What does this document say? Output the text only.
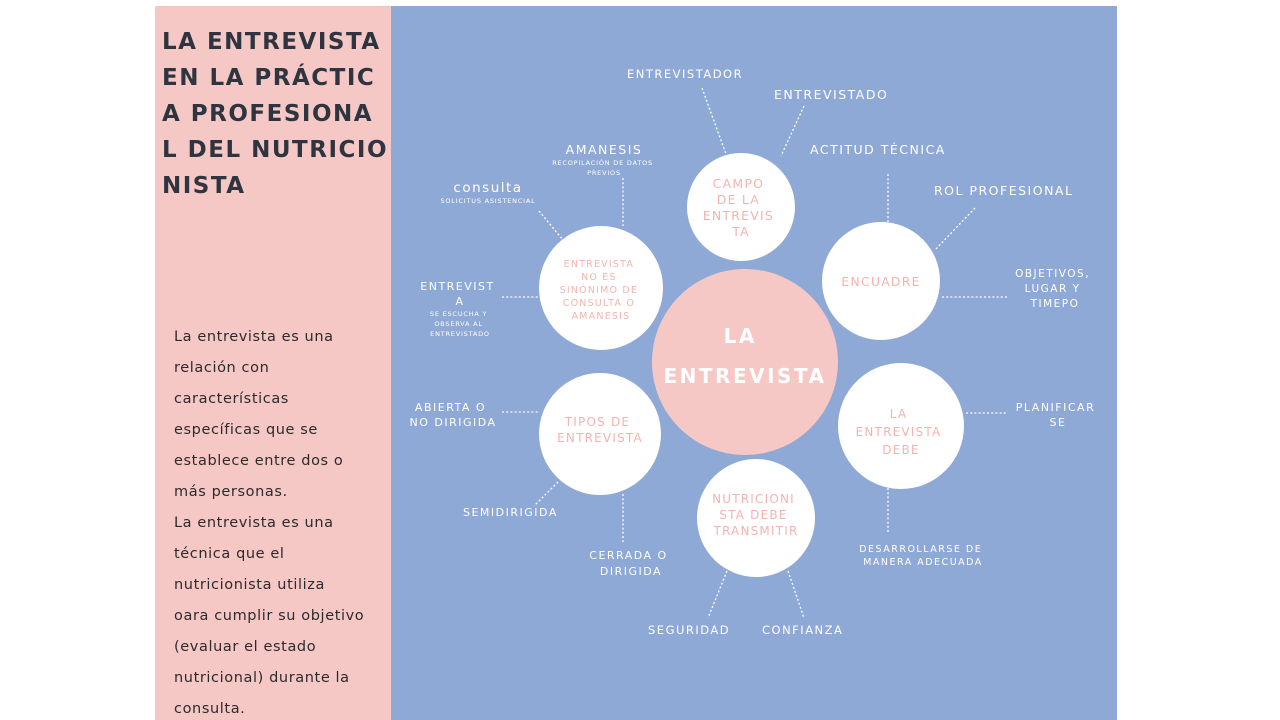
LA ENTREVISTA EN LA PRÁCTICA PROFESIONAL DEL NUTRICIONISTA

La entrevista es una
relación con
características
específicas que se
establece entre dos o
más personas.
La entrevista es una
técnica que el
nutricionista utiliza
oara cumplir su objetivo
(evaluar el estado
nutricional) durante la
consulta.

CAMPO DE LA ENTREVIS TA
ENTREVISTA NO ES SINÓNIMO DE CONSULTA O AMANESIS
ENCUADRE
LA ENTREVISTA
TIPOS DE ENTREVISTA
LA ENTREVISTA DEBE
NUTRICIONI STA DEBE TRANSMITIR
ENTREVISTADOR
ENTREVISTADO
ACTITUD TÉCNICA
ROL PROFESIONAL
OBJETIVOS, LUGAR Y TIMEPO
PLANIFICAR SE
DESARROLLARSE DE MANERA ADECUADA
SEGURIDAD	CONFIANZA
CERRADA O DIRIGIDA
SEMIDIRIGIDA
ABIERTA O NO DIRIGIDA
ENTREVIST A
SE ESCUCHA Y OBSERVA AL ENTREVISTADO
consulta
SOLICITUS ASISTENCIAL
AMANESIS
RECOPILACIÓN DE DATOS PREVIOS
